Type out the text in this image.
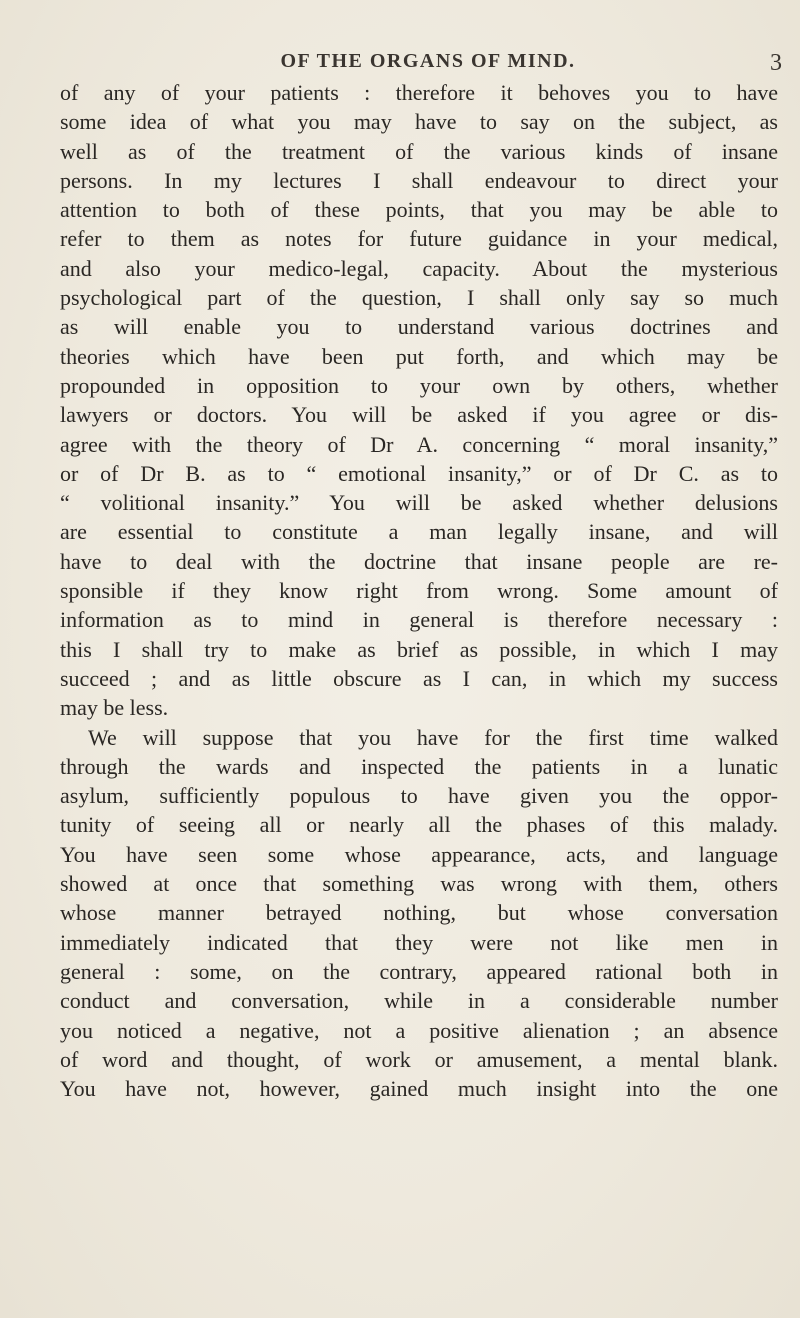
OF THE ORGANS OF MIND.	3
of any of your patients : therefore it behoves you to have
some idea of what you may have to say on the subject, as
well as of the treatment of the various kinds of insane
persons. In my lectures I shall endeavour to direct your
attention to both of these points, that you may be able to
refer to them as notes for future guidance in your medical,
and also your medico-legal, capacity. About the mysterious
psychological part of the question, I shall only say so much
as will enable you to understand various doctrines and
theories which have been put forth, and which may be
propounded in opposition to your own by others, whether
lawyers or doctors. You will be asked if you agree or dis-
agree with the theory of Dr A. concerning “ moral insanity,”
or of Dr B. as to “ emotional insanity,” or of Dr C. as to
“ volitional insanity.” You will be asked whether delusions
are essential to constitute a man legally insane, and will
have to deal with the doctrine that insane people are re-
sponsible if they know right from wrong. Some amount of
information as to mind in general is therefore necessary :
this I shall try to make as brief as possible, in which I may
succeed ; and as little obscure as I can, in which my success
may be less.
We will suppose that you have for the first time walked
through the wards and inspected the patients in a lunatic
asylum, sufficiently populous to have given you the oppor-
tunity of seeing all or nearly all the phases of this malady.
You have seen some whose appearance, acts, and language
showed at once that something was wrong with them, others
whose manner betrayed nothing, but whose conversation
immediately indicated that they were not like men in
general : some, on the contrary, appeared rational both in
conduct and conversation, while in a considerable number
you noticed a negative, not a positive alienation ; an absence
of word and thought, of work or amusement, a mental blank.
You have not, however, gained much insight into the one
